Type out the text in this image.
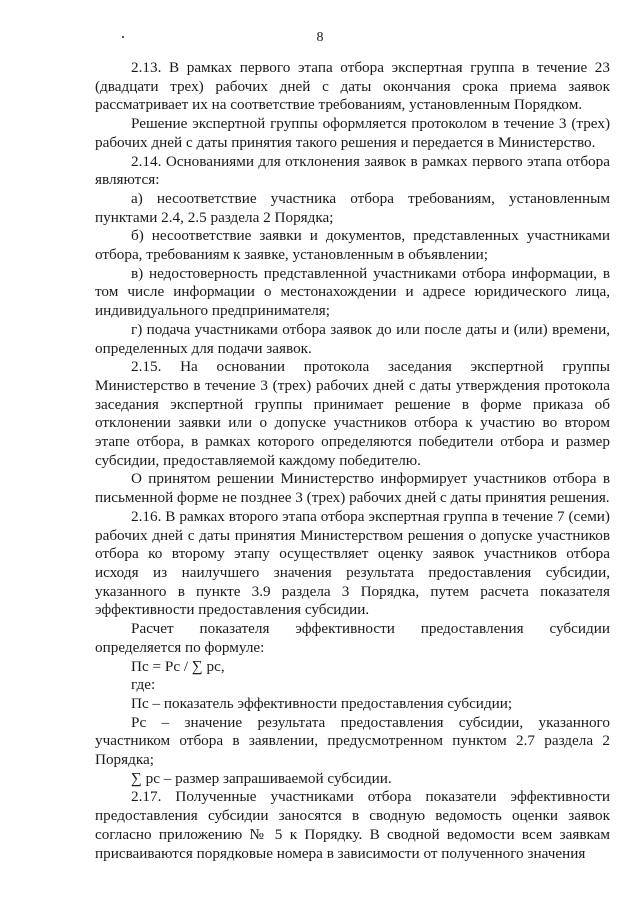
8

2.13. В рамках первого этапа отбора экспертная группа в течение 23 (двадцати трех) рабочих дней с даты окончания срока приема заявок рассматривает их на соответствие требованиям, установленным Порядком.

Решение экспертной группы оформляется протоколом в течение 3 (трех) рабочих дней с даты принятия такого решения и передается в Министерство.

2.14. Основаниями для отклонения заявок в рамках первого этапа отбора являются:

а) несоответствие участника отбора требованиям, установленным пунктами 2.4, 2.5 раздела 2 Порядка;

б) несоответствие заявки и документов, представленных участниками отбора, требованиям к заявке, установленным в объявлении;

в) недостоверность представленной участниками отбора информации, в том числе информации о местонахождении и адресе юридического лица, индивидуального предпринимателя;

г) подача участниками отбора заявок до или после даты и (или) времени, определенных для подачи заявок.

2.15. На основании протокола заседания экспертной группы Министерство в течение 3 (трех) рабочих дней с даты утверждения протокола заседания экспертной группы принимает решение в форме приказа об отклонении заявки или о допуске участников отбора к участию во втором этапе отбора, в рамках которого определяются победители отбора и размер субсидии, предоставляемой каждому победителю.

О принятом решении Министерство информирует участников отбора в письменной форме не позднее 3 (трех) рабочих дней с даты принятия решения.

2.16. В рамках второго этапа отбора экспертная группа в течение 7 (семи) рабочих дней с даты принятия Министерством решения о допуске участников отбора ко второму этапу осуществляет оценку заявок участников отбора исходя из наилучшего значения результата предоставления субсидии, указанного в пункте 3.9 раздела 3 Порядка, путем расчета показателя эффективности предоставления субсидии.

Расчет показателя эффективности предоставления субсидии определяется по формуле:

Пс = Рс / ∑ рс,

где:

Пс – показатель эффективности предоставления субсидии;

Рс – значение результата предоставления субсидии, указанного участником отбора в заявлении, предусмотренном пунктом 2.7 раздела 2 Порядка;

∑ рс – размер запрашиваемой субсидии.

2.17. Полученные участниками отбора показатели эффективности предоставления субсидии заносятся в сводную ведомость оценки заявок согласно приложению № 5 к Порядку. В сводной ведомости всем заявкам присваиваются порядковые номера в зависимости от полученного значения
